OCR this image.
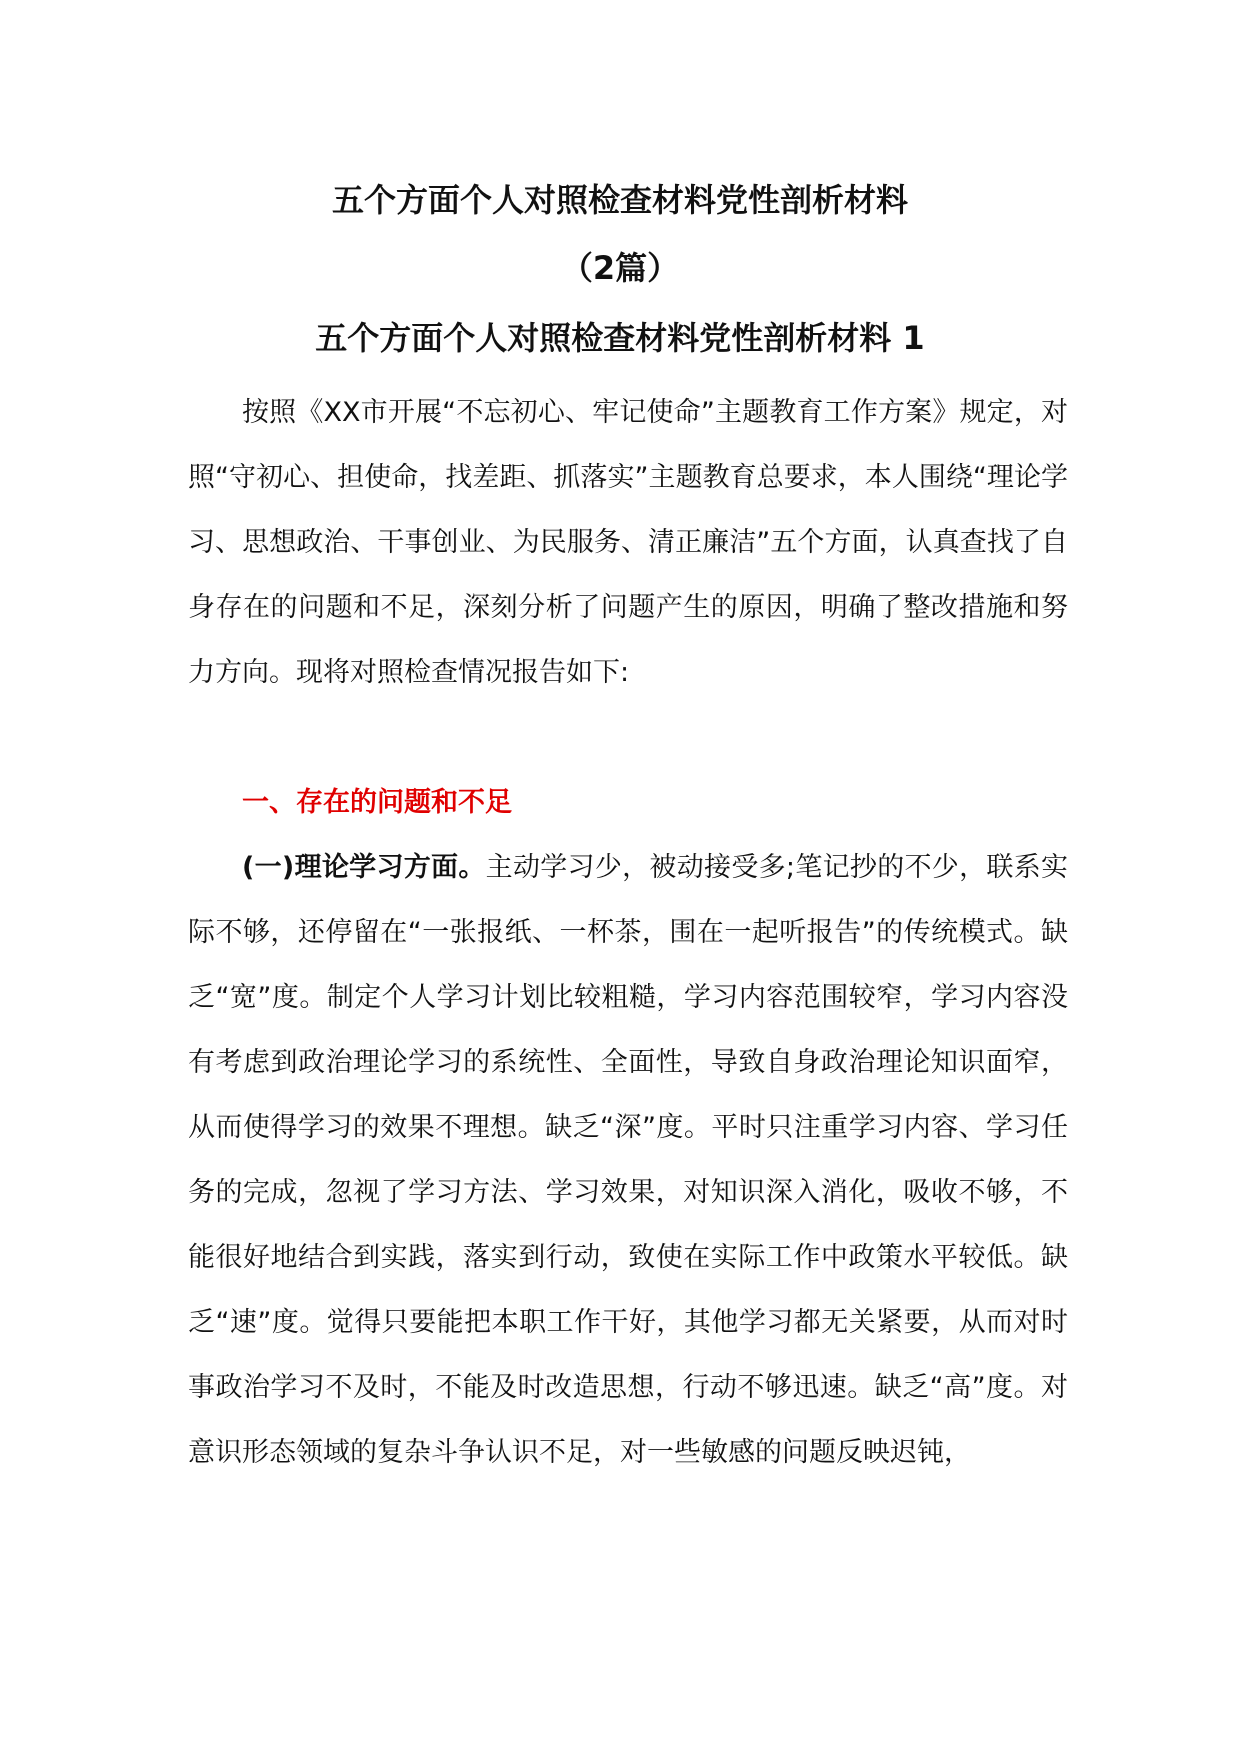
五个方面个人对照检查材料党性剖析材料
（2篇）
五个方面个人对照检查材料党性剖析材料 1

按照《XX市开展“不忘初心、牢记使命”主题教育工作方案》规定，对照“守初心、担使命，找差距、抓落实”主题教育总要求，本人围绕“理论学习、思想政治、干事创业、为民服务、清正廉洁”五个方面，认真查找了自身存在的问题和不足，深刻分析了问题产生的原因，明确了整改措施和努力方向。现将对照检查情况报告如下:

一、存在的问题和不足

(一)理论学习方面。主动学习少，被动接受多;笔记抄的不少，联系实际不够，还停留在“一张报纸、一杯茶，围在一起听报告”的传统模式。缺乏“宽”度。制定个人学习计划比较粗糙，学习内容范围较窄，学习内容没有考虑到政治理论学习的系统性、全面性，导致自身政治理论知识面窄，从而使得学习的效果不理想。缺乏“深”度。平时只注重学习内容、学习任务的完成，忽视了学习方法、学习效果，对知识深入消化，吸收不够，不能很好地结合到实践，落实到行动，致使在实际工作中政策水平较低。缺乏“速”度。觉得只要能把本职工作干好，其他学习都无关紧要，从而对时事政治学习不及时，不能及时改造思想，行动不够迅速。缺乏“高”度。对意识形态领域的复杂斗争认识不足，对一些敏感的问题反映迟钝，
